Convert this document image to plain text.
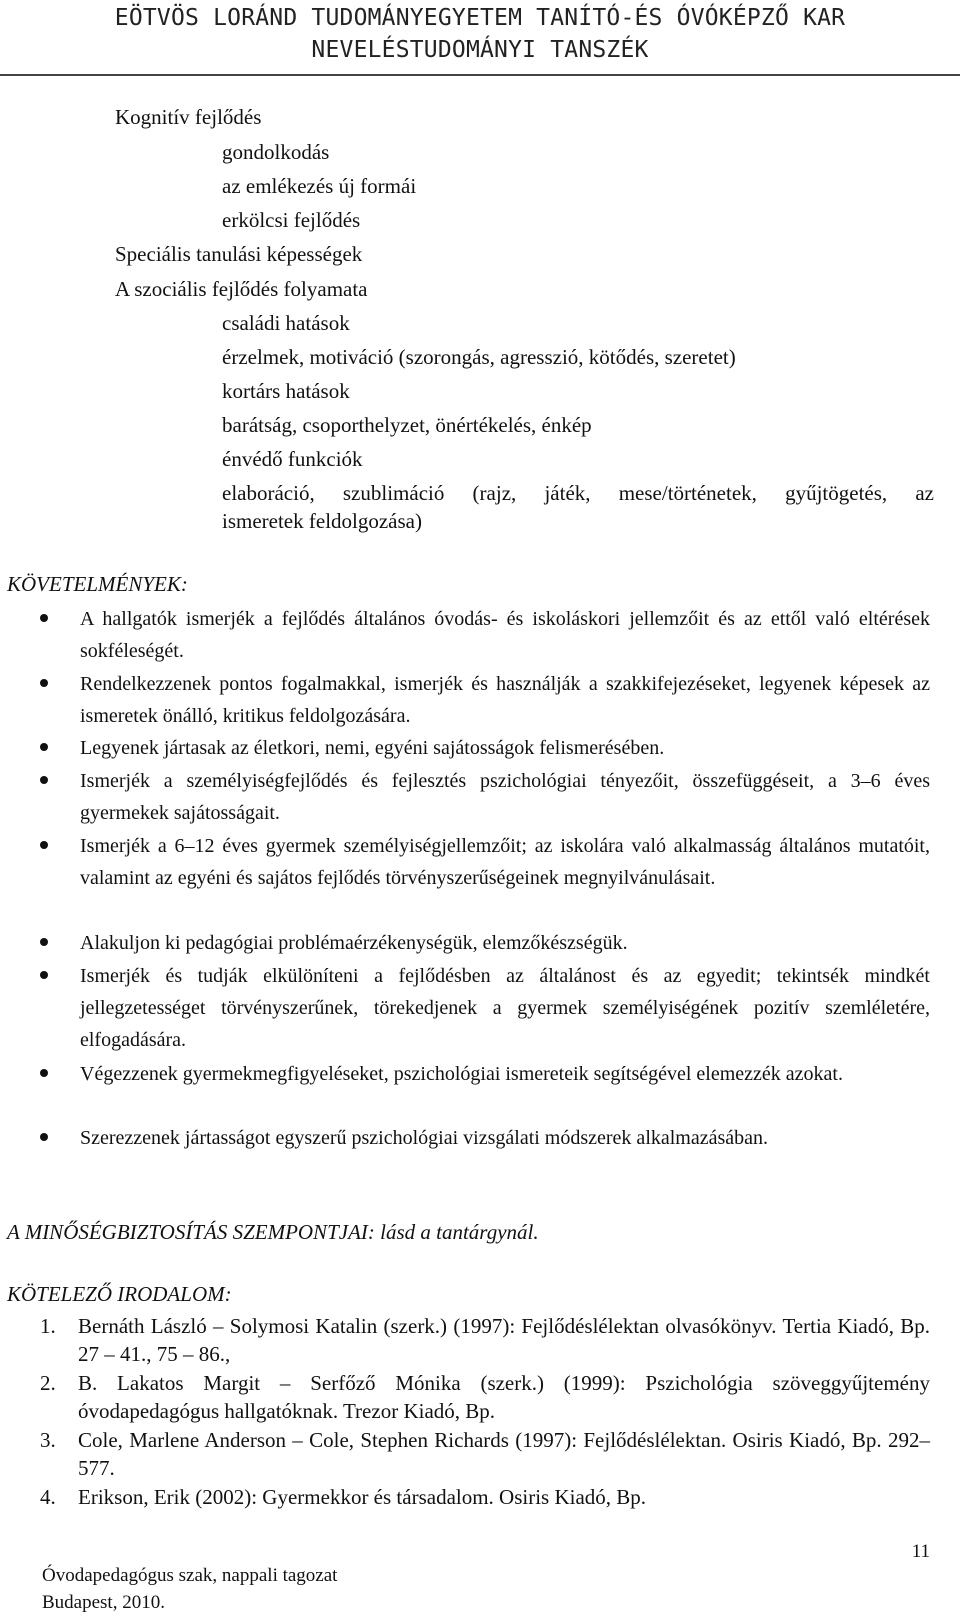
EÖTVÖS LORÁND TUDOMÁNYEGYETEM TANÍTÓ-ÉS ÓVÓKÉPZŐ KAR
NEVELÉSTUDOMÁNYI TANSZÉK
Kognitív fejlődés
gondolkodás
az emlékezés új formái
erkölcsi fejlődés
Speciális tanulási képességek
A szociális fejlődés folyamata
családi hatások
érzelmek, motiváció (szorongás, agresszió, kötődés, szeretet)
kortárs hatások
barátság, csoporthelyzet, önértékelés, énkép
énvédő funkciók
elaboráció, szublimáció (rajz, játék, mese/történetek, gyűjtögetés, az
ismeretek feldolgozása)
KÖVETELMÉNYEK:
A hallgatók ismerjék a fejlődés általános óvodás- és iskoláskori jellemzőit és az ettől való eltérések sokféleségét.
Rendelkezzenek pontos fogalmakkal, ismerjék és használják a szakkifejezéseket, legyenek képesek az ismeretek önálló, kritikus feldolgozására.
Legyenek jártasak az életkori, nemi, egyéni sajátosságok felismerésében.
Ismerjék a személyiségfejlődés és fejlesztés pszichológiai tényezőit, összefüggéseit, a 3–6 éves gyermekek sajátosságait.
Ismerjék a 6–12 éves gyermek személyiségjellemzőit; az iskolára való alkalmasság általános mutatóit, valamint az egyéni és sajátos fejlődés törvényszerűségeinek megnyilvánulásait.
Alakuljon ki pedagógiai problémaérzékenységük, elemzőkészségük.
Ismerjék és tudják elkülöníteni a fejlődésben az általánost és az egyedit; tekintsék mindkét jellegzetességet törvényszerűnek, törekedjenek a gyermek személyiségének pozitív szemléletére, elfogadására.
Végezzenek gyermekmegfigyeléseket, pszichológiai ismereteik segítségével elemezzék azokat.
Szerezzenek jártasságot egyszerű pszichológiai vizsgálati módszerek alkalmazásában.
A MINŐSÉGBIZTOSÍTÁS SZEMPONTJAI: lásd a tantárgynál.
KÖTELEZŐ IRODALOM:
1. Bernáth László – Solymosi Katalin (szerk.) (1997): Fejlődéslélektan olvasókönyv. Tertia Kiadó, Bp. 27 – 41., 75 – 86.,
2. B. Lakatos Margit – Serfőző Mónika (szerk.) (1999): Pszichológia szöveggyűjtemény óvodapedagógus hallgatóknak. Trezor Kiadó, Bp.
3. Cole, Marlene Anderson – Cole, Stephen Richards (1997): Fejlődéslélektan. Osiris Kiadó, Bp. 292–577.
4. Erikson, Erik (2002): Gyermekkor és társadalom. Osiris Kiadó, Bp.
Óvodapedagógus szak, nappali tagozat
Budapest, 2010.
11
